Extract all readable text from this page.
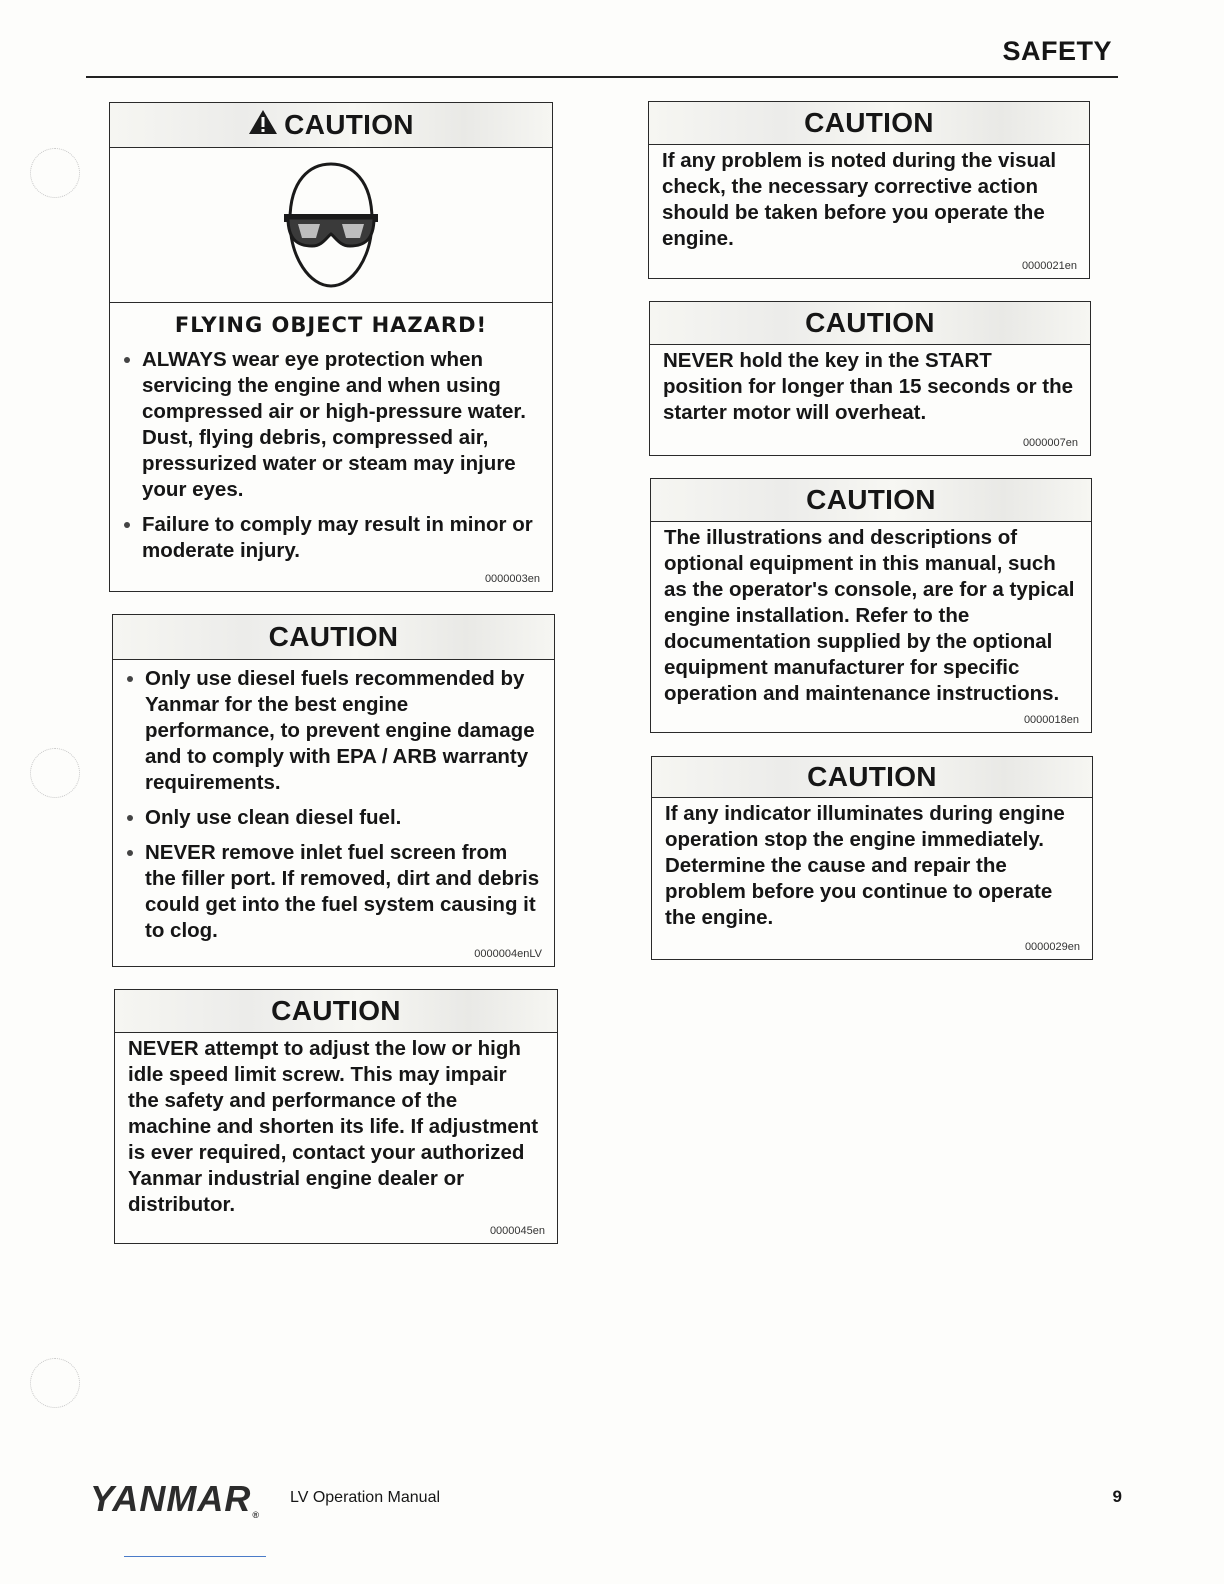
SAFETY
CAUTION
FLYING OBJECT HAZARD!
ALWAYS wear eye protection when servicing the engine and when using compressed air or high-pressure water. Dust, flying debris, compressed air, pressurized water or steam may injure your eyes.
Failure to comply may result in minor or moderate injury.
0000003en
CAUTION
Only use diesel fuels recommended by Yanmar for the best engine performance, to prevent engine damage and to comply with EPA / ARB warranty requirements.
Only use clean diesel fuel.
NEVER remove inlet fuel screen from the filler port. If removed, dirt and debris could get into the fuel system causing it to clog.
0000004enLV
CAUTION

NEVER attempt to adjust the low or high idle speed limit screw. This may impair the safety and performance of the machine and shorten its life. If adjustment is ever required, contact your authorized Yanmar industrial engine dealer or distributor.

0000045en
CAUTION

If any problem is noted during the visual check, the necessary corrective action should be taken before you operate the engine.

0000021en
CAUTION

NEVER hold the key in the START position for longer than 15 seconds or the starter motor will overheat.

0000007en
CAUTION

The illustrations and descriptions of optional equipment in this manual, such as the operator's console, are for a typical engine installation. Refer to the documentation supplied by the optional equipment manufacturer for specific operation and maintenance instructions.

0000018en
CAUTION

If any indicator illuminates during engine operation stop the engine immediately. Determine the cause and repair the problem before you continue to operate the engine.

0000029en
YANMAR®
LV Operation Manual	9
